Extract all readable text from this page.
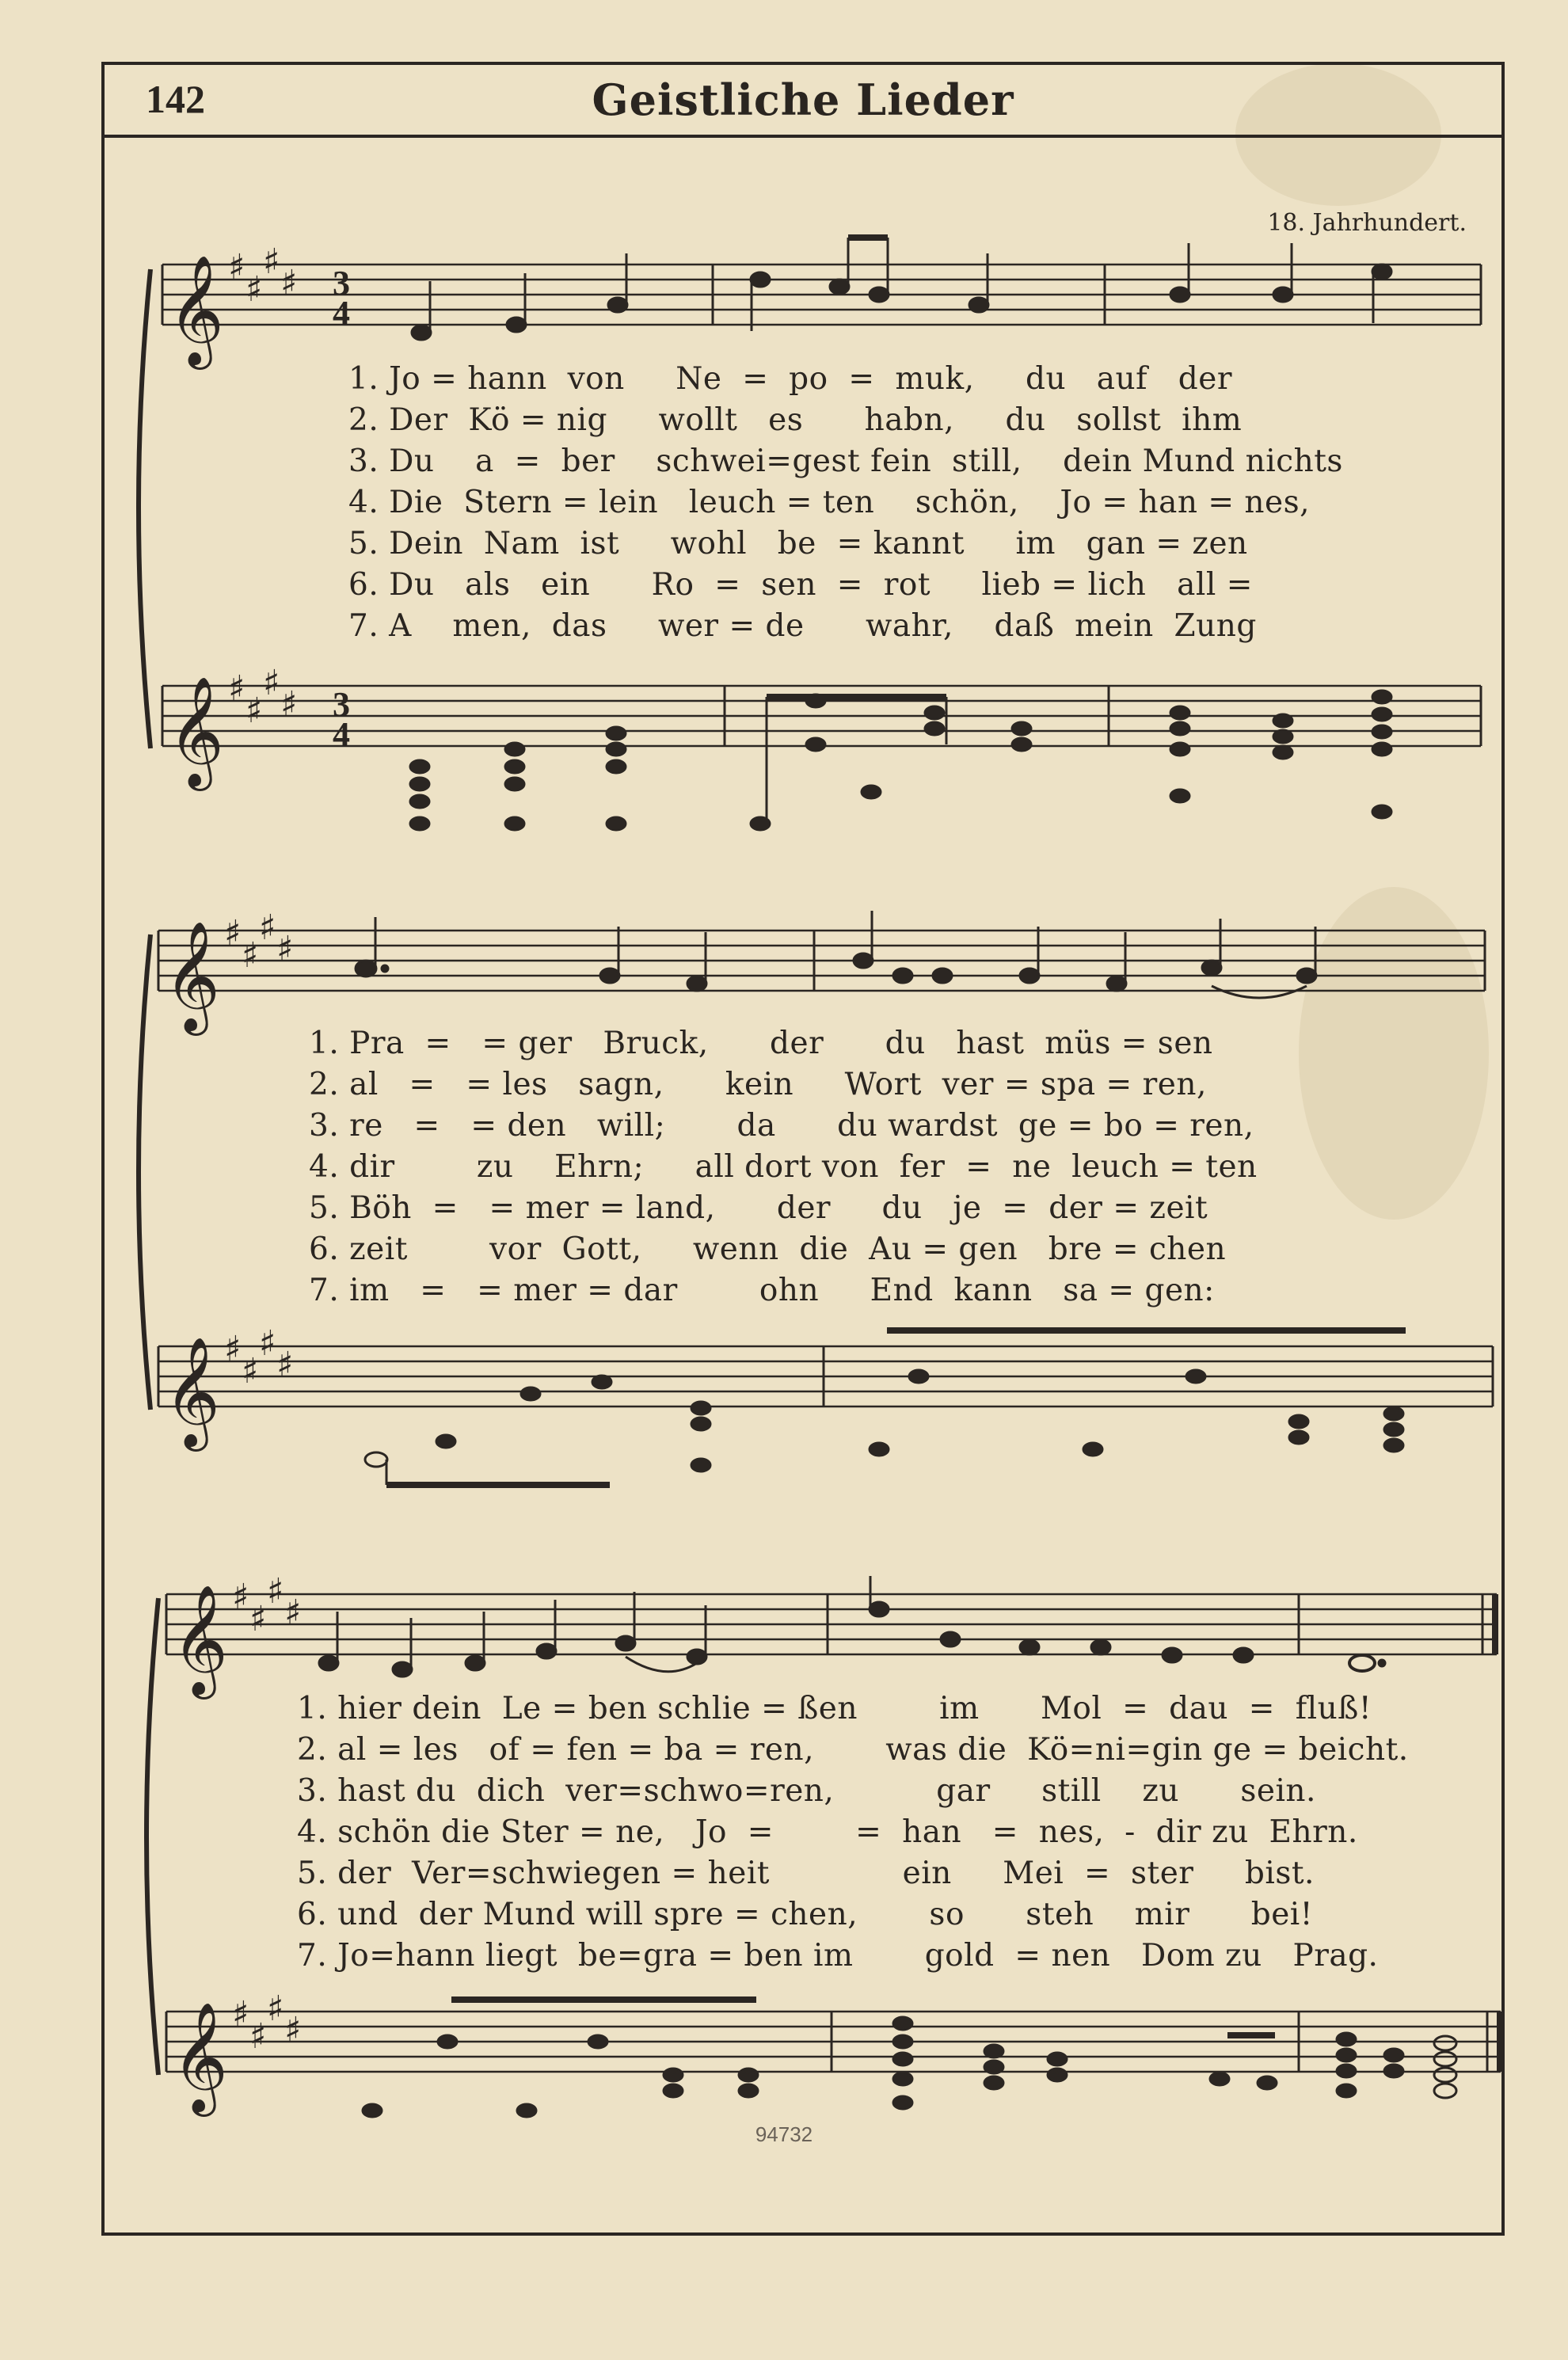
142	Geistliche Lieder
18. Jahrhundert.
𝄞
𝄞
𝄞
𝄞
𝄞
𝄞
♯
♯
♯
♯
♯
♯
♯
♯
♯
♯
♯
♯
♯
♯
♯
♯
♯
♯
♯
♯
♯
♯
♯
♯
3
4
3
4
1. Jo = hann  von     Ne  =  po  =  muk,     du   auf   der
2. Der  Kö = nig     wollt   es      habn,     du   sollst  ihm
3. Du    a  =  ber    schwei=gest fein  still,    dein Mund nichts
4. Die  Stern = lein   leuch = ten    schön,    Jo = han = nes,
5. Dein  Nam  ist     wohl   be  = kannt     im   gan = zen
6. Du   als   ein      Ro  =  sen  =  rot     lieb = lich   all =
7. A    men,  das     wer = de      wahr,    daß  mein  Zung
1. Pra  =   = ger   Bruck,      der      du   hast  müs = sen
2. al   =   = les   sagn,      kein     Wort  ver = spa = ren,
3. re   =   = den   will;       da      du wardst  ge = bo = ren,
4. dir        zu    Ehrn;     all dort von  fer  =  ne  leuch = ten
5. Böh  =   = mer = land,      der     du   je  =  der = zeit
6. zeit        vor  Gott,     wenn  die  Au = gen   bre = chen
7. im   =   = mer = dar        ohn     End  kann   sa = gen:
1. hier dein  Le = ben schlie = ßen        im      Mol  =  dau  =  fluß!
2. al = les   of = fen = ba = ren,       was die  Kö=ni=gin ge = beicht.
3. hast du  dich  ver=schwo=ren,          gar     still    zu      sein.
4. schön die Ster = ne,   Jo  =        =  han   =  nes,  -  dir zu  Ehrn.
5. der  Ver=schwiegen = heit             ein     Mei  =  ster     bist.
6. und  der Mund will spre = chen,       so      steh    mir      bei!
7. Jo=hann liegt  be=gra = ben im       gold  = nen   Dom zu   Prag.
94732
